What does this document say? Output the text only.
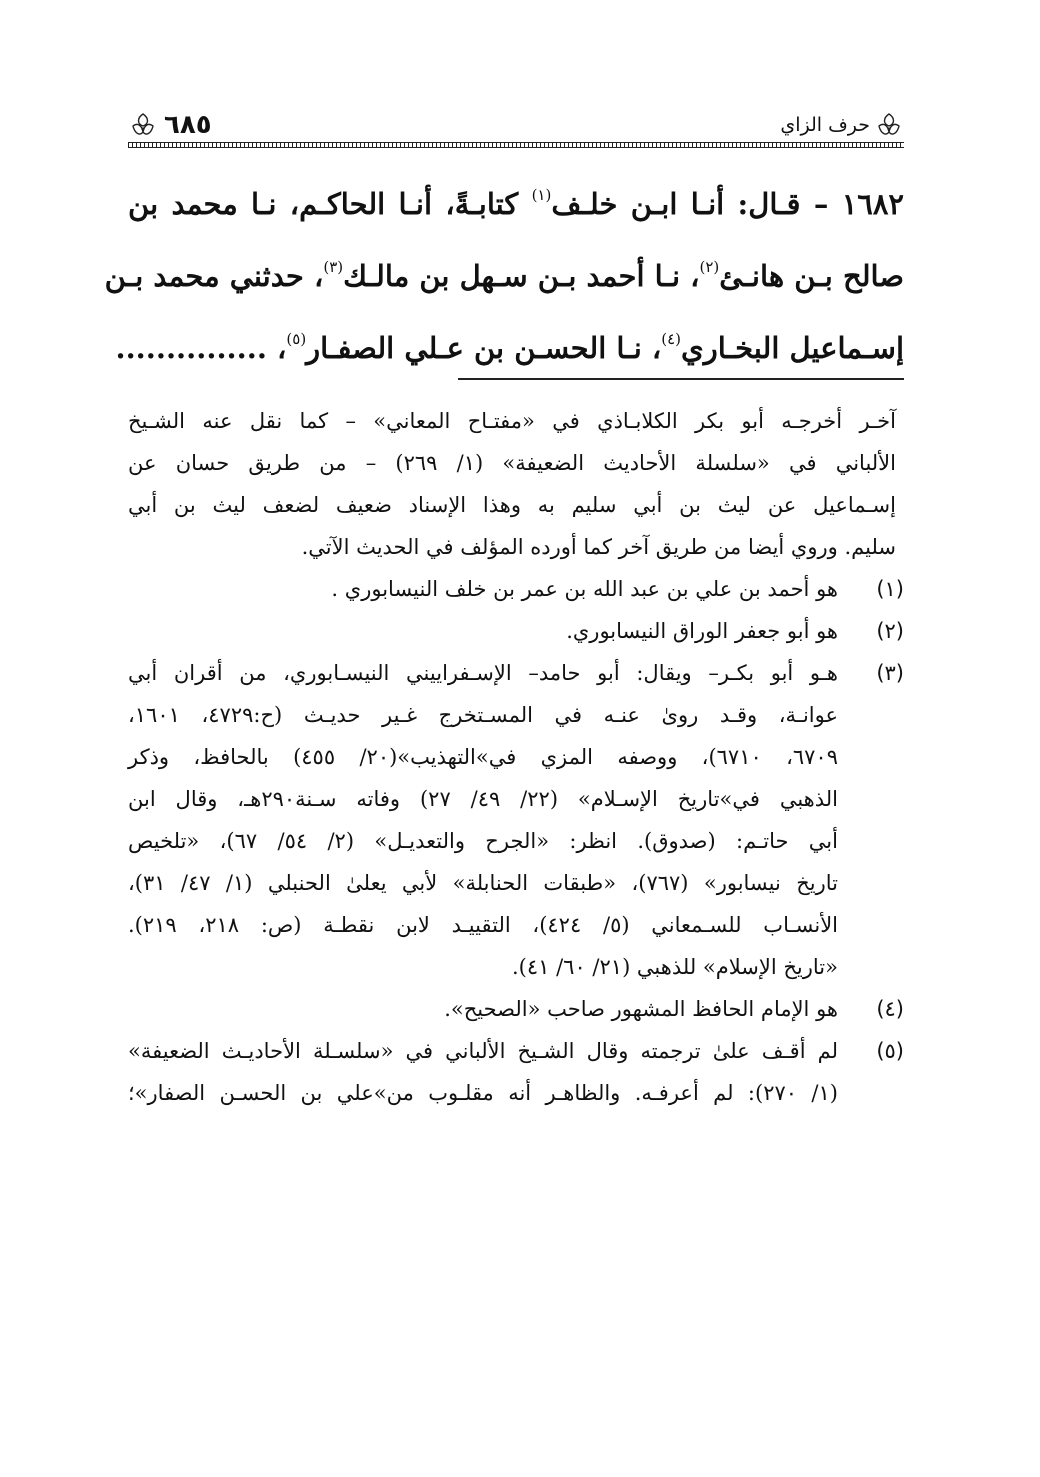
حرف الزاي
٦٨٥
١٦٨٢ – قـال: أنـا ابـن خلـف$^{(١)}$ كتابـةً، أنـا الحاكـم، نـا محمد بن
صالح بـن هانـئ$^{(٢)}$، نـا أحمد بـن سـهل بن مالـك$^{(٣)}$، حدثني محمد بـن
إسـماعيل البخـاري$^{(٤)}$، نـا الحسـن بن عـلي الصفـار$^{(٥)}$، ...............
آخـر أخرجـه أبو بكر الكلابـاذي في «مفتـاح المعاني» – كما نقل عنه الشـيخ
الألباني في «سلسلة الأحاديث الضعيفة» (١/ ٢٦٩) – من طريق حسان عن
إسـماعيل عن ليث بن أبي سليم به وهذا الإسناد ضعيف لضعف ليث بن أبي
سليم. وروي أيضا من طريق آخر كما أورده المؤلف في الحديث الآتي.
(١)
هو أحمد بن علي بن عبد الله بن عمر بن خلف النيسابوري .
(٢)
هو أبو جعفر الوراق النيسابوري.
(٣)
هـو أبو بكـر– ويقال: أبو حامد– الإسـفراييني النيسـابوري، من أقران أبي
عوانـة، وقـد روىٰ عنـه في المسـتخرج غـير حديـث (ح:٤٧٢٩، ١٦٠١،
٦٧٠٩، ٦٧١٠)، ووصفه المزي في»التهذيب»(٢٠/ ٤٥٥) بالحافظ، وذكر
الذهبي في»تاريخ الإسـلام» (٢٢/ ٤٩/ ٢٧) وفاته سـنة٢٩٠هـ، وقال ابن
أبي حاتـم: (صدوق). انظر: «الجرح والتعديـل» (٢/ ٥٤/ ٦٧)، «تلخيص
تاريخ نيسابور» (٧٦٧)، «طبقات الحنابلة» لأبي يعلىٰ الحنبلي (١/ ٤٧/ ٣١)،
الأنسـاب للسـمعاني (٥/ ٤٢٤)، التقييـد لابن نقطـة (ص: ٢١٨، ٢١٩).
«تاريخ الإسلام» للذهبي (٢١/ ٦٠/ ٤١).
(٤)
هو الإمام الحافظ المشهور صاحب «الصحيح».
(٥)
لم أقـف علىٰ ترجمته وقال الشـيخ الألباني في «سلسـلة الأحاديـث الضعيفة»
(١/ ٢٧٠): لم أعرفـه. والظاهـر أنه مقلـوب من»علي بن الحسـن الصفار»؛
